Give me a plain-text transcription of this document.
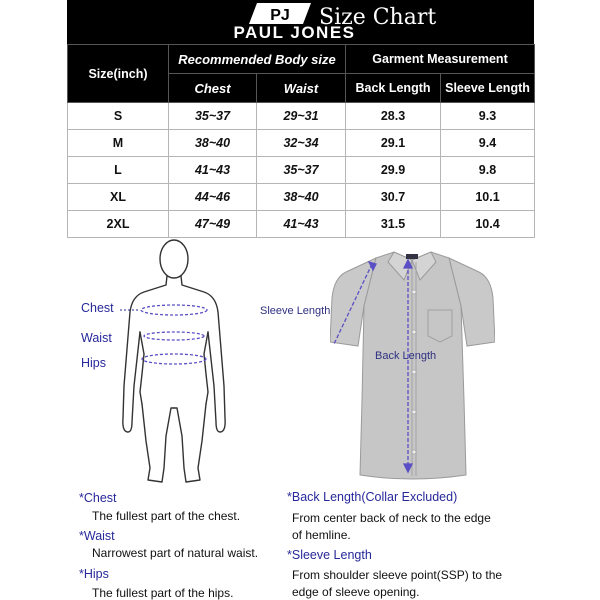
PJ
PAUL JONES
Size Chart
Size(inch)	Recommended Body size		Garment Measurement	
	Chest	Waist	Back Length	Sleeve Length
S	35~37	29~31	28.3	9.3
M	38~40	32~34	29.1	9.4
L	41~43	35~37	29.9	9.8
XL	44~46	38~40	30.7	10.1
2XL	47~49	41~43	31.5	10.4
Chest
Waist
Hips
Sleeve Length
Back Length
*Chest
The fullest part of the chest.
*Waist
Narrowest part of natural waist.
*Hips
The fullest part of the hips.
*Back Length(Collar Excluded)
From center back of neck to the edge
of hemline.
*Sleeve Length
From shoulder sleeve point(SSP) to the
edge of sleeve opening.
